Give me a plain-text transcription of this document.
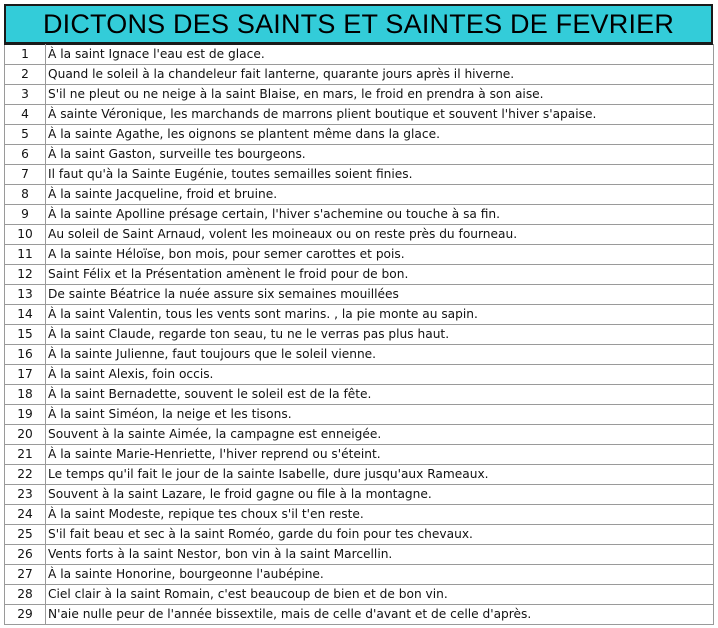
DICTONS DES SAINTS ET SAINTES DE FEVRIER
1	À la saint Ignace l'eau est de glace.
2	Quand le soleil à la chandeleur fait lanterne, quarante jours après il hiverne.
3	S'il ne pleut ou ne neige à la saint Blaise, en mars, le froid en prendra à son aise.
4	À sainte Véronique, les marchands de marrons plient boutique et souvent l'hiver s'apaise.
5	À la sainte Agathe, les oignons se plantent même dans la glace.
6	À la saint Gaston, surveille tes bourgeons.
7	Il faut qu'à la Sainte Eugénie, toutes semailles soient finies.
8	À la sainte Jacqueline, froid et bruine.
9	À la sainte Apolline présage certain, l'hiver s'achemine ou touche à sa fin.
10	Au soleil de Saint Arnaud, volent les moineaux ou on reste près du fourneau.
11	A la sainte Héloïse, bon mois, pour semer carottes et pois.
12	Saint Félix et la Présentation amènent le froid pour de bon.
13	De sainte Béatrice la nuée assure six semaines mouillées
14	À la saint Valentin, tous les vents sont marins. , la pie monte au sapin.
15	À la saint Claude, regarde ton seau, tu ne le verras pas plus haut.
16	À la sainte Julienne, faut toujours que le soleil vienne.
17	À la saint Alexis, foin occis.
18	À la saint Bernadette, souvent le soleil est de la fête.
19	À la saint Siméon, la neige et les tisons.
20	Souvent à la sainte Aimée, la campagne est enneigée.
21	À la sainte Marie-Henriette, l'hiver reprend ou s'éteint.
22	Le temps qu'il fait le jour de la sainte Isabelle, dure jusqu'aux Rameaux.
23	Souvent à la saint Lazare, le froid gagne ou file à la montagne.
24	À la saint Modeste, repique tes choux s'il t'en reste.
25	S'il fait beau et sec à la saint Roméo, garde du foin pour tes chevaux.
26	Vents forts à la saint Nestor, bon vin à la saint Marcellin.
27	À la sainte Honorine, bourgeonne l'aubépine.
28	Ciel clair à la saint Romain, c'est beaucoup de bien et de bon vin.
29	N'aie nulle peur de l'année bissextile, mais de celle d'avant et de celle d'après.
